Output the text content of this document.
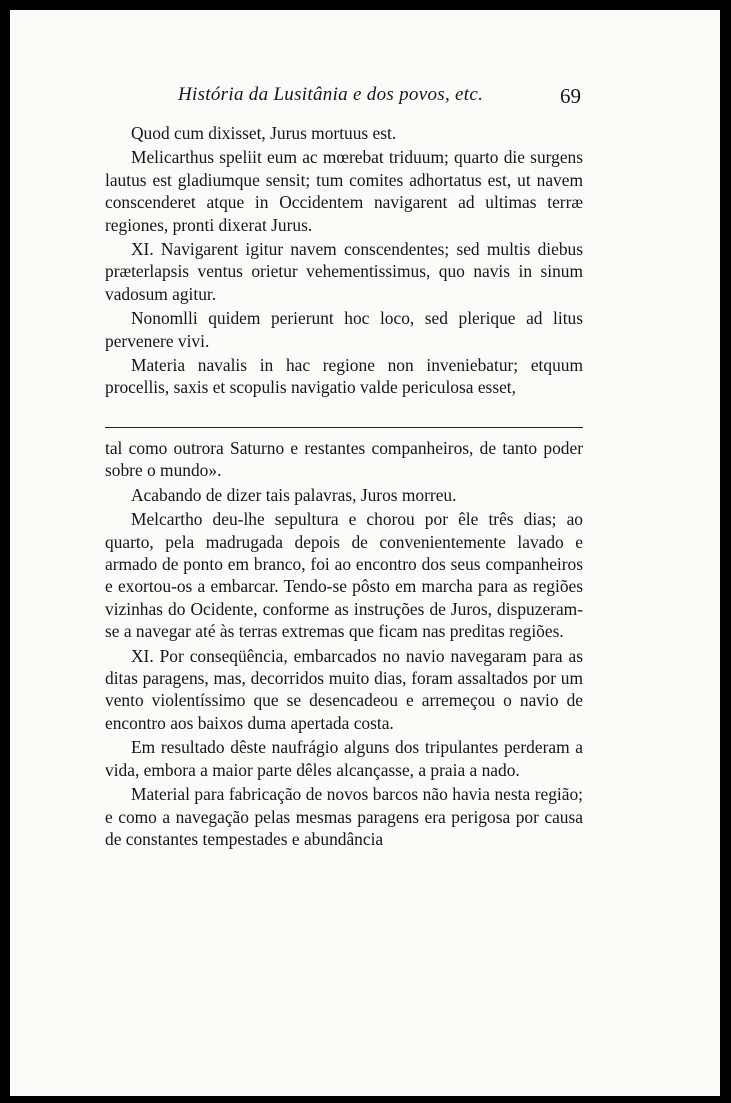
História da Lusitânia e dos povos, etc.	69

Quod cum dixisset, Jurus mortuus est.

Melicarthus speliit eum ac mœrebat triduum; quarto die surgens lautus est gladiumque sensit; tum comites adhortatus est, ut navem conscenderet atque in Occidentem navigarent ad ultimas terræ regiones, pronti dixerat Jurus.

XI. Navigarent igitur navem conscendentes; sed multis diebus præterlapsis ventus orietur vehementissimus, quo navis in sinum vadosum agitur.

Nonomlli quidem perierunt hoc loco, sed plerique ad litus pervenere vivi.

Materia navalis in hac regione non inveniebatur; etquum procellis, saxis et scopulis navigatio valde periculosa esset,

tal como outrora Saturno e restantes companheiros, de tanto poder sobre o mundo».

Acabando de dizer tais palavras, Juros morreu.

Melcartho deu-lhe sepultura e chorou por êle três dias; ao quarto, pela madrugada depois de convenientemente lavado e armado de ponto em branco, foi ao encontro dos seus companheiros e exortou-os a embarcar. Tendo-se pôsto em marcha para as regiões vizinhas do Ocidente, conforme as instruções de Juros, dispuzeram-se a navegar até às terras extremas que ficam nas preditas regiões.

XI. Por conseqüência, embarcados no navio navegaram para as ditas paragens, mas, decorridos muito dias, foram assaltados por um vento violentíssimo que se desencadeou e arremeçou o navio de encontro aos baixos duma apertada costa.

Em resultado dêste naufrágio alguns dos tripulantes perderam a vida, embora a maior parte dêles alcançasse, a praia a nado.

Material para fabricação de novos barcos não havia nesta região; e como a navegação pelas mesmas paragens era perigosa por causa de constantes tempestades e abundância
